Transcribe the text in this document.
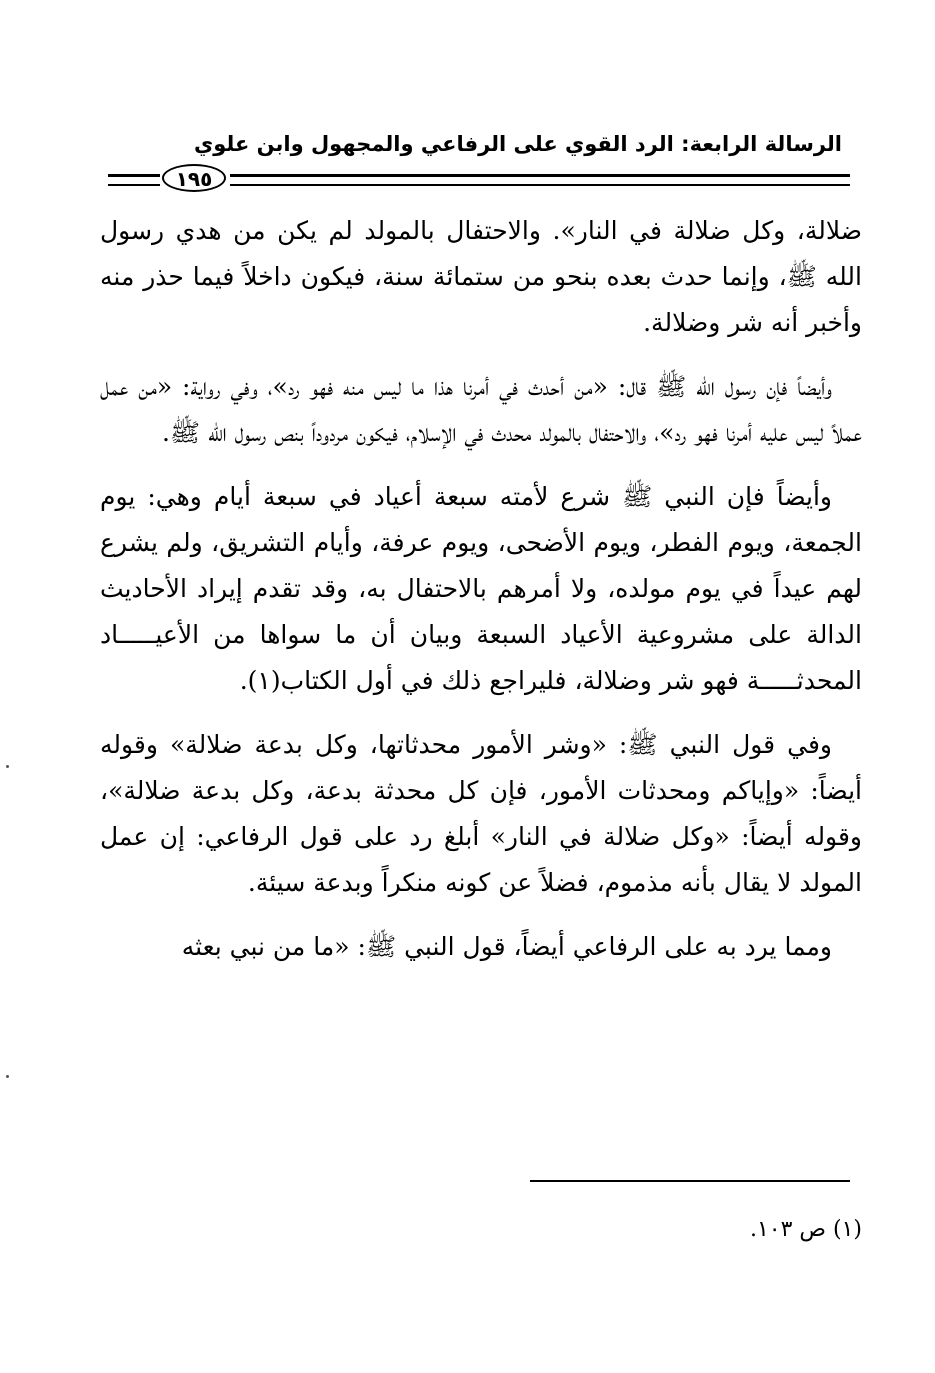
الرسالة الرابعة: الرد القوي على الرفاعي والمجهول وابن علوي
١٩٥

ضلالة، وكل ضلالة في النار». والاحتفال بالمولد لم يكن من هدي رسول الله ﷺ، وإنما حدث بعده بنحو من ستمائة سنة، فيكون داخلاً فيما حذر منه وأخبر أنه شر وضلالة.

وأيضاً فإن رسول الله ﷺ قال: «من أحدث في أمرنا هذا ما ليس منه فهو رد»، وفي رواية: «من عمل عملاً ليس عليه أمرنا فهو رد»، والاحتفال بالمولد محدث في الإسلام، فيكون مردوداً بنص رسول الله ﷺ.

وأيضاً فإن النبي ﷺ شرع لأمته سبعة أعياد في سبعة أيام وهي: يوم الجمعة، ويوم الفطر، ويوم الأضحى، ويوم عرفة، وأيام التشريق، ولم يشرع لهم عيداً في يوم مولده، ولا أمرهم بالاحتفال به، وقد تقدم إيراد الأحاديث الدالة على مشروعية الأعياد السبعة وبيان أن ما سواها من الأعيـــــاد المحدثـــــة فهو شر وضلالة، فليراجع ذلك في أول الكتاب(١).

وفي قول النبي ﷺ: «وشر الأمور محدثاتها، وكل بدعة ضلالة» وقوله أيضاً: «وإياكم ومحدثات الأمور، فإن كل محدثة بدعة، وكل بدعة ضلالة»، وقوله أيضاً: «وكل ضلالة في النار» أبلغ رد على قول الرفاعي: إن عمل المولد لا يقال بأنه مذموم، فضلاً عن كونه منكراً وبدعة سيئة.

ومما يرد به على الرفاعي أيضاً، قول النبي ﷺ: «ما من نبي بعثه

(١) ص ١٠٣.
